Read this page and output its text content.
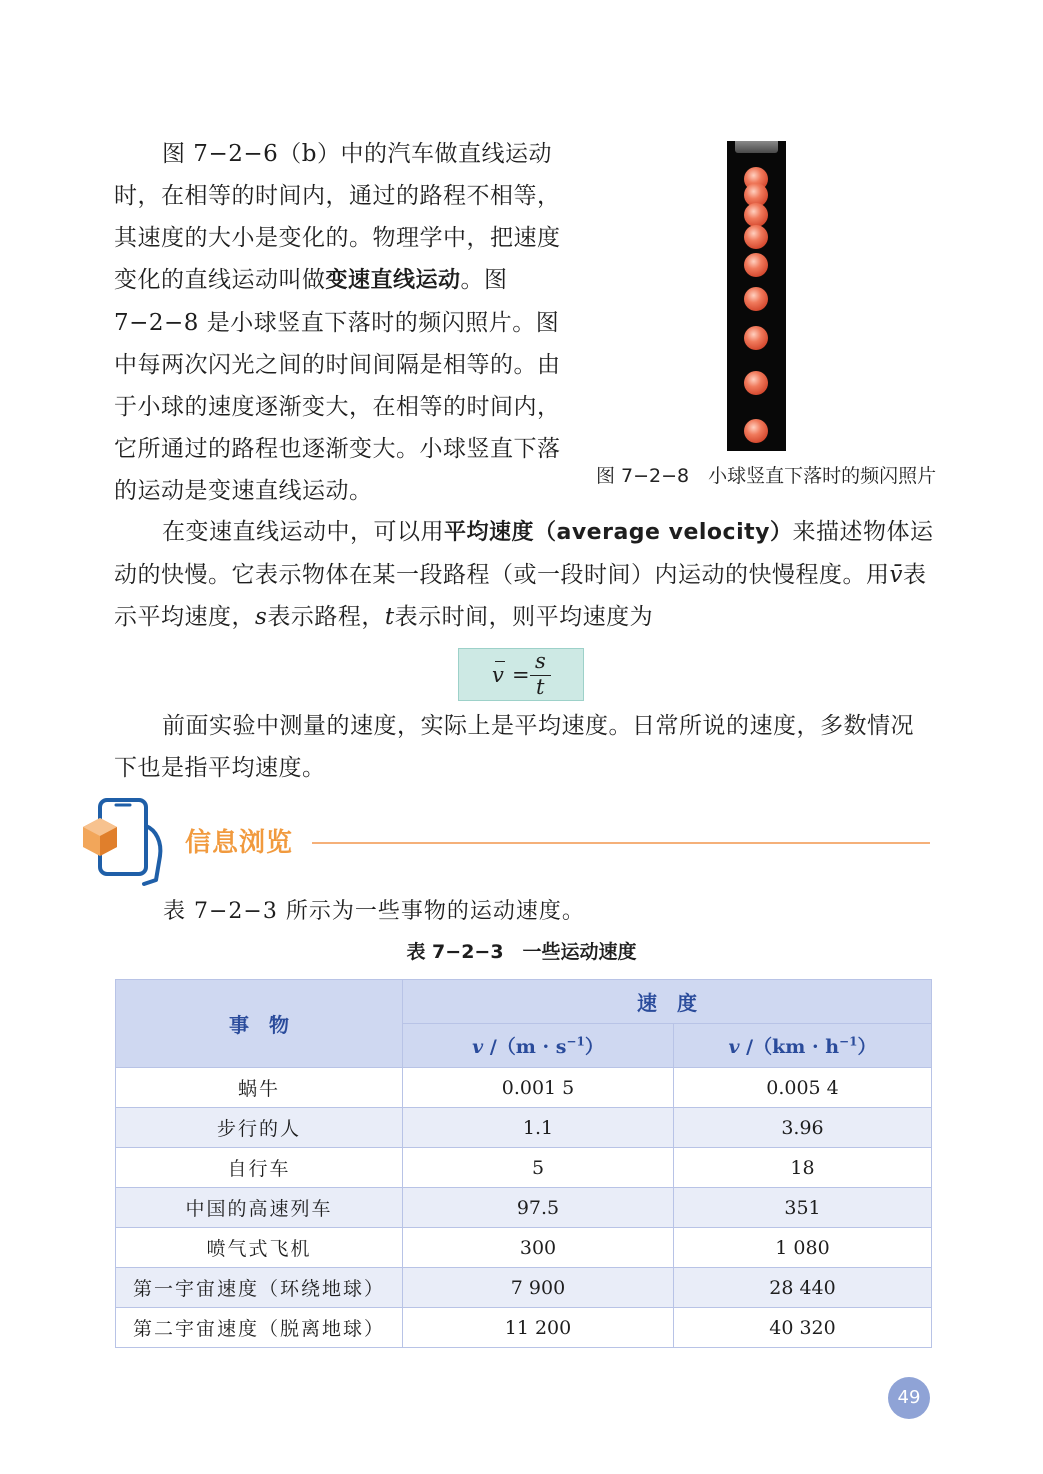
图 7−2−6（b）中的汽车做直线运动时，在相等的时间内，通过的路程不相等，其速度的大小是变化的。物理学中，把速度变化的直线运动叫做变速直线运动。图 7−2−8 是小球竖直下落时的频闪照片。图中每两次闪光之间的时间间隔是相等的。由于小球的速度逐渐变大，在相等的时间内，它所通过的路程也逐渐变大。小球竖直下落的运动是变速直线运动。

图 7−2−8　小球竖直下落时的频闪照片

在变速直线运动中，可以用平均速度（average velocity）来描述物体运动的快慢。它表示物体在某一段路程（或一段时间）内运动的快慢程度。用v̄表示平均速度，s表示路程，t表示时间，则平均速度为

v =
s
t

前面实验中测量的速度，实际上是平均速度。日常所说的速度，多数情况下也是指平均速度。

信息浏览

表 7−2−3 所示为一些事物的运动速度。

表 7−2−3　一些运动速度

事　物	速　度	
	v $/(m \cdot s^{-1})$	v $/(km \cdot h^{-1})$
蜗牛	0.001 5	0.005 4
步行的人	1.1	3.96
自行车	5	18
中国的高速列车	97.5	351
喷气式飞机	300	1 080
第一宇宙速度（环绕地球）	7 900	28 440
第二宇宙速度（脱离地球）	11 200	40 320

49
